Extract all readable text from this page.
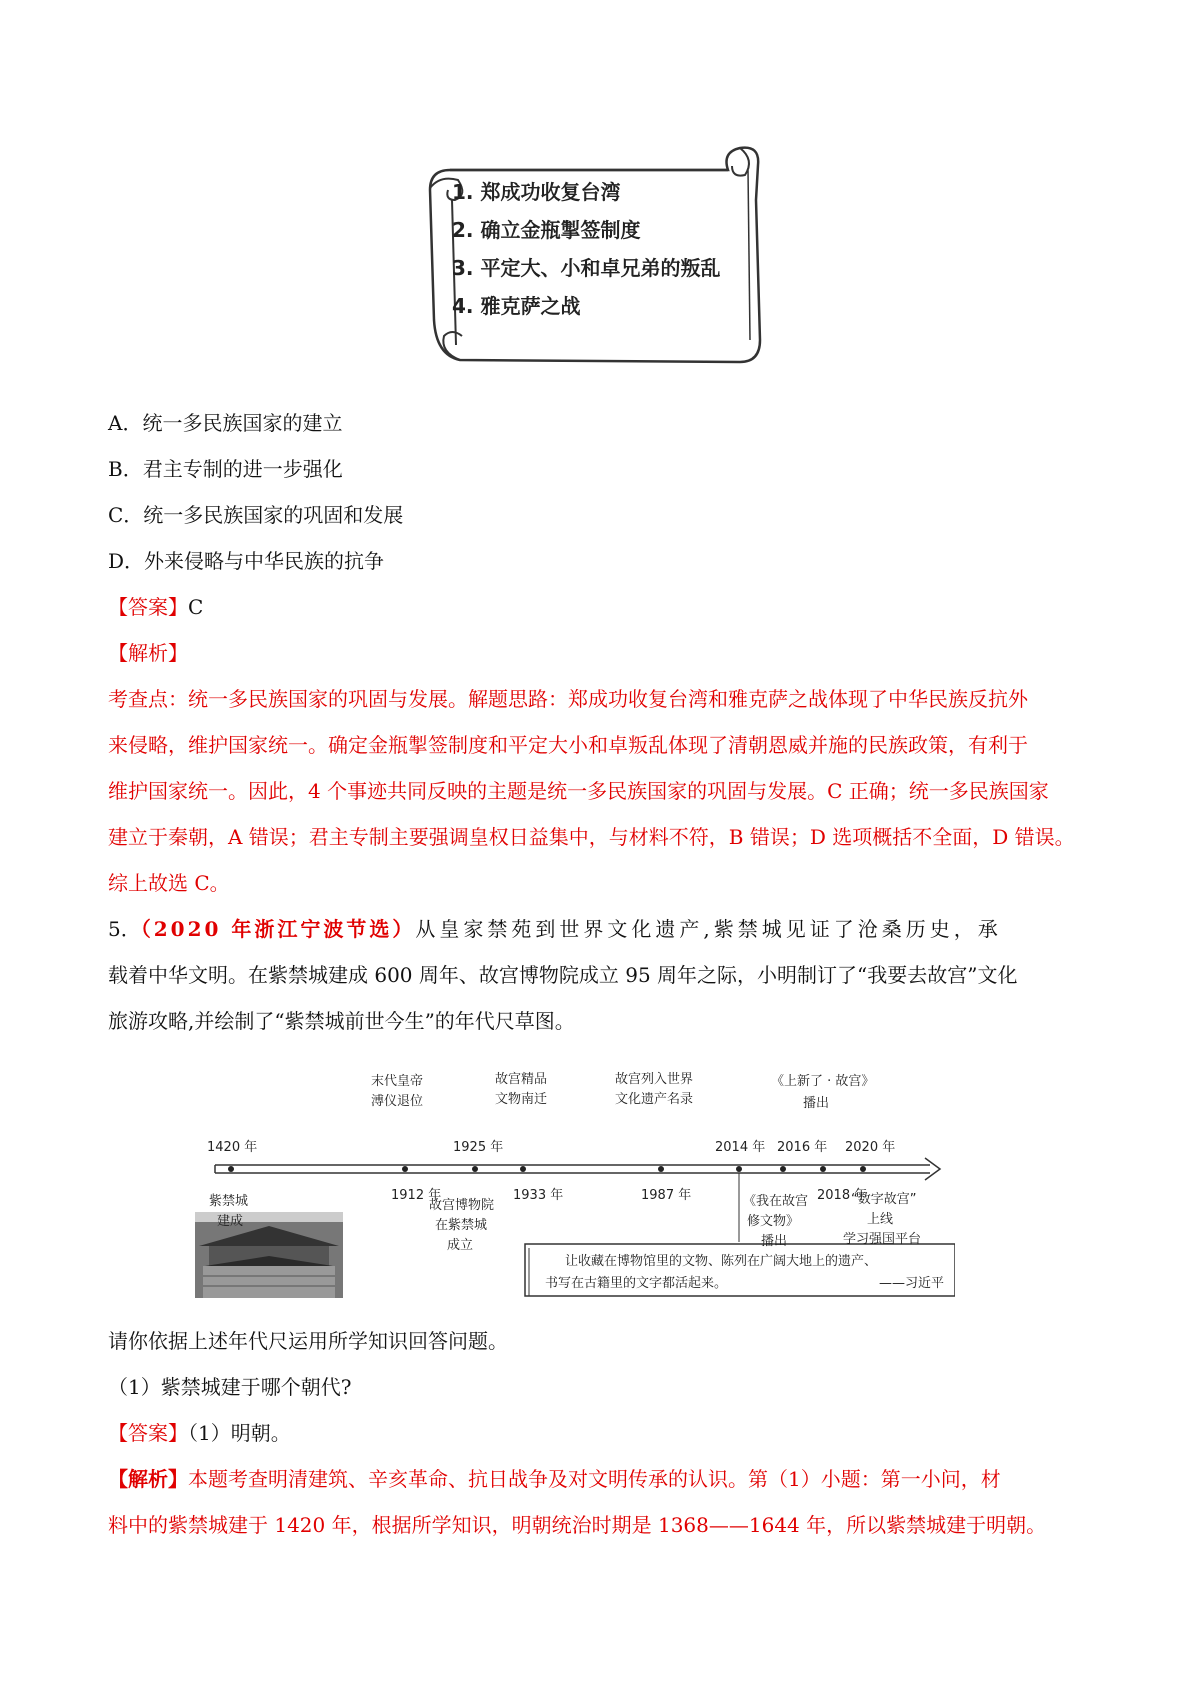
1. 郑成功收复台湾
2. 确立金瓶掣签制度
3. 平定大、小和卓兄弟的叛乱
4. 雅克萨之战
A．统一多民族国家的建立
B．君主专制的进一步强化
C．统一多民族国家的巩固和发展
D．外来侵略与中华民族的抗争
【答案】C
【解析】
考查点：统一多民族国家的巩固与发展。解题思路：郑成功收复台湾和雅克萨之战体现了中华民族反抗外
来侵略，维护国家统一。确定金瓶掣签制度和平定大小和卓叛乱体现了清朝恩威并施的民族政策，有利于
维护国家统一。因此，4 个事迹共同反映的主题是统一多民族国家的巩固与发展。C 正确；统一多民族国家
建立于秦朝，A 错误；君主专制主要强调皇权日益集中，与材料不符，B 错误；D 选项概括不全面，D 错误。
综上故选 C。
5．（2020 年浙江宁波节选）从皇家禁苑到世界文化遗产,紫禁城见证了沧桑历史，承
载着中华文明。在紫禁城建成 600 周年、故宫博物院成立 95 周年之际，小明制订了“我要去故宫”文化
旅游攻略,并绘制了“紫禁城前世今生”的年代尺草图。
1420 年	1925 年	2014 年 2016 年 2020 年
1912 年	1933 年	1987 年	2018 年
末代皇帝
溥仪退位
故宫精品
文物南迁
故宫列入世界
文化遗产名录
《上新了 · 故宫》
播出
紫禁城
建成
故宫博物院
在紫禁城
成立
《我在故宫
修文物》
播出
“数字故宫”
上线
学习强国平台
让收藏在博物馆里的文物、陈列在广阔大地上的遗产、
书写在古籍里的文字都活起来。	——习近平
请你依据上述年代尺运用所学知识回答问题。
（1）紫禁城建于哪个朝代?
【答案】（1）明朝。
【解析】本题考查明清建筑、辛亥革命、抗日战争及对文明传承的认识。第（1）小题：第一小问，材
料中的紫禁城建于 1420 年，根据所学知识，明朝统治时期是 1368——1644 年，所以紫禁城建于明朝。
